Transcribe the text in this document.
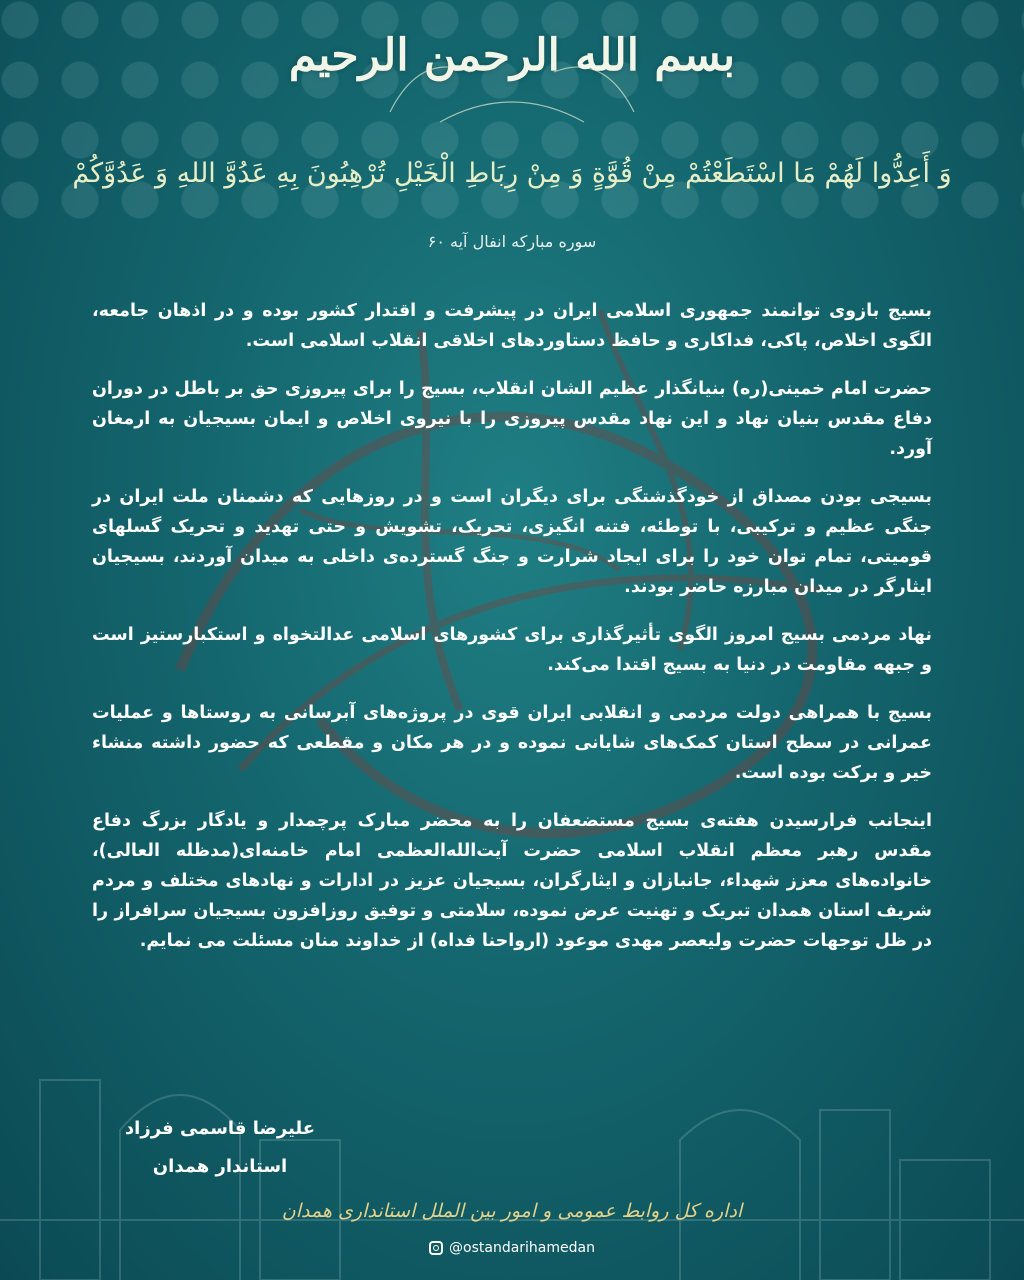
بسم الله الرحمن الرحیم
وَ أَعِدُّوا لَهُمْ مَا اسْتَطَعْتُمْ مِنْ قُوَّةٍ وَ مِنْ رِبَاطِ الْخَيْلِ تُرْهِبُونَ بِهِ عَدُوَّ اللهِ وَ عَدُوَّكُمْ
سوره مبارکه انفال آیه ۶۰

بسیج بازوی توانمند جمهوری اسلامی ایران در پیشرفت و اقتدار کشور بوده و در اذهان جامعه، الگوی اخلاص، پاکی، فداکاری و حافظ دستاوردهای اخلاقی انقلاب اسلامی است.

حضرت امام خمینی(ره) بنیانگذار عظیم الشان انقلاب، بسیج را برای پیروزی حق بر باطل در دوران دفاع مقدس بنیان نهاد و این نهاد مقدس پیروزی را با نیروی اخلاص و ایمان بسیجیان به ارمغان آورد.

بسیجی بودن مصداق از خودگذشتگی برای دیگران است و در روزهایی که دشمنان ملت ایران در جنگی عظیم و ترکیبی، با توطئه، فتنه انگیزی، تحریک، تشویش و حتی تهدید و تحریک گسلهای قومیتی، تمام توان خود را برای ایجاد شرارت و جنگ گسترده‌ی داخلی به میدان آوردند، بسیجیان ایثارگر در میدان مبارزه حاضر بودند.

نهاد مردمی بسیج امروز الگوی تأثیرگذاری برای کشورهای اسلامی عدالتخواه و استکبارستیز است و جبهه مقاومت در دنیا به بسیج اقتدا می‌کند.

بسیج با همراهی دولت مردمی و انقلابی ایران قوی در پروژه‌های آبرسانی به روستاها و عملیات عمرانی در سطح استان کمک‌های شایانی نموده و در هر مکان و مقطعی که حضور داشته منشاء خیر و برکت بوده است.

اینجانب فرارسیدن هفته‌ی بسیج مستضعفان را به محضر مبارک پرچمدار و یادگار بزرگ دفاع مقدس رهبر معظم انقلاب اسلامی حضرت آیت‌الله‌العظمی امام خامنه‌ای(مدظله العالی)، خانواده‌های معزز شهداء، جانبازان و ایثارگران، بسیجیان عزیز در ادارات و نهادهای مختلف و مردم شریف استان همدان تبریک و تهنیت عرض نموده، سلامتی و توفیق روزافزون بسیجیان سرافراز را در ظل توجهات حضرت ولیعصر مهدی موعود (ارواحنا فداه) از خداوند منان مسئلت می نمایم.

علیرضا قاسمی فرزاد
استاندار همدان
اداره کل روابط عمومی و امور بین الملل استانداری همدان
@ostandarihamedan
